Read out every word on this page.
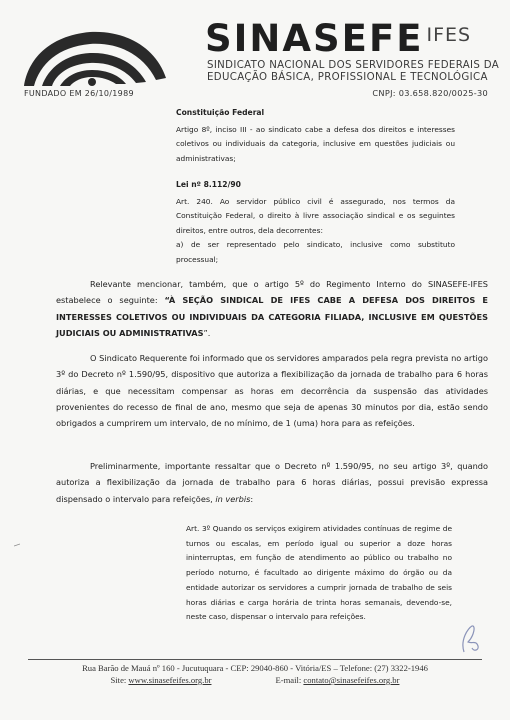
FUNDADO EM 26/10/1989
SINASEFE IFES
SINDICATO NACIONAL DOS SERVIDORES FEDERAIS DA
EDUCAÇÃO BÁSICA, PROFISSIONAL E TECNOLÓGICA
CNPJ: 03.658.820/0025-30
Constituição Federal

Artigo 8º, inciso III - ao sindicato cabe a defesa dos direitos e interesses coletivos ou individuais da categoria, inclusive em questões judiciais ou administrativas;

Lei nº 8.112/90

Art. 240. Ao servidor público civil é assegurado, nos termos da Constituição Federal, o direito à livre associação sindical e os seguintes direitos, entre outros, dela decorrentes:

a) de ser representado pelo sindicato, inclusive como substituto processual;

Relevante mencionar, também, que o artigo 5º do Regimento Interno do SINASEFE-IFES estabelece o seguinte: “À SEÇÃO SINDICAL DE IFES CABE A DEFESA DOS DIREITOS E INTERESSES COLETIVOS OU INDIVIDUAIS DA CATEGORIA FILIADA, INCLUSIVE EM QUESTÕES JUDICIAIS OU ADMINISTRATIVAS”.

O Sindicato Requerente foi informado que os servidores amparados pela regra prevista no artigo 3º do Decreto nº 1.590/95, dispositivo que autoriza a flexibilização da jornada de trabalho para 6 horas diárias, e que necessitam compensar as horas em decorrência da suspensão das atividades provenientes do recesso de final de ano, mesmo que seja de apenas 30 minutos por dia, estão sendo obrigados a cumprirem um intervalo, de no mínimo, de 1 (uma) hora para as refeições.

Preliminarmente, importante ressaltar que o Decreto nº 1.590/95, no seu artigo 3º, quando autoriza a flexibilização da jornada de trabalho para 6 horas diárias, possui previsão expressa dispensado o intervalo para refeições, in verbis:

Art. 3º Quando os serviços exigirem atividades contínuas de regime de turnos ou escalas, em período igual ou superior a doze horas ininterruptas, em função de atendimento ao público ou trabalho no período noturno, é facultado ao dirigente máximo do órgão ou da entidade autorizar os servidores a cumprir jornada de trabalho de seis horas diárias e carga horária de trinta horas semanais, devendo-se, neste caso, dispensar o intervalo para refeições.

Rua Barão de Mauá nº 160 - Jucutuquara - CEP: 29040-860 - Vitória/ES – Telefone: (27) 3322-1946
Site: www.sinasefeifes.org.br	E-mail: contato@sinasefeifes.org.br
